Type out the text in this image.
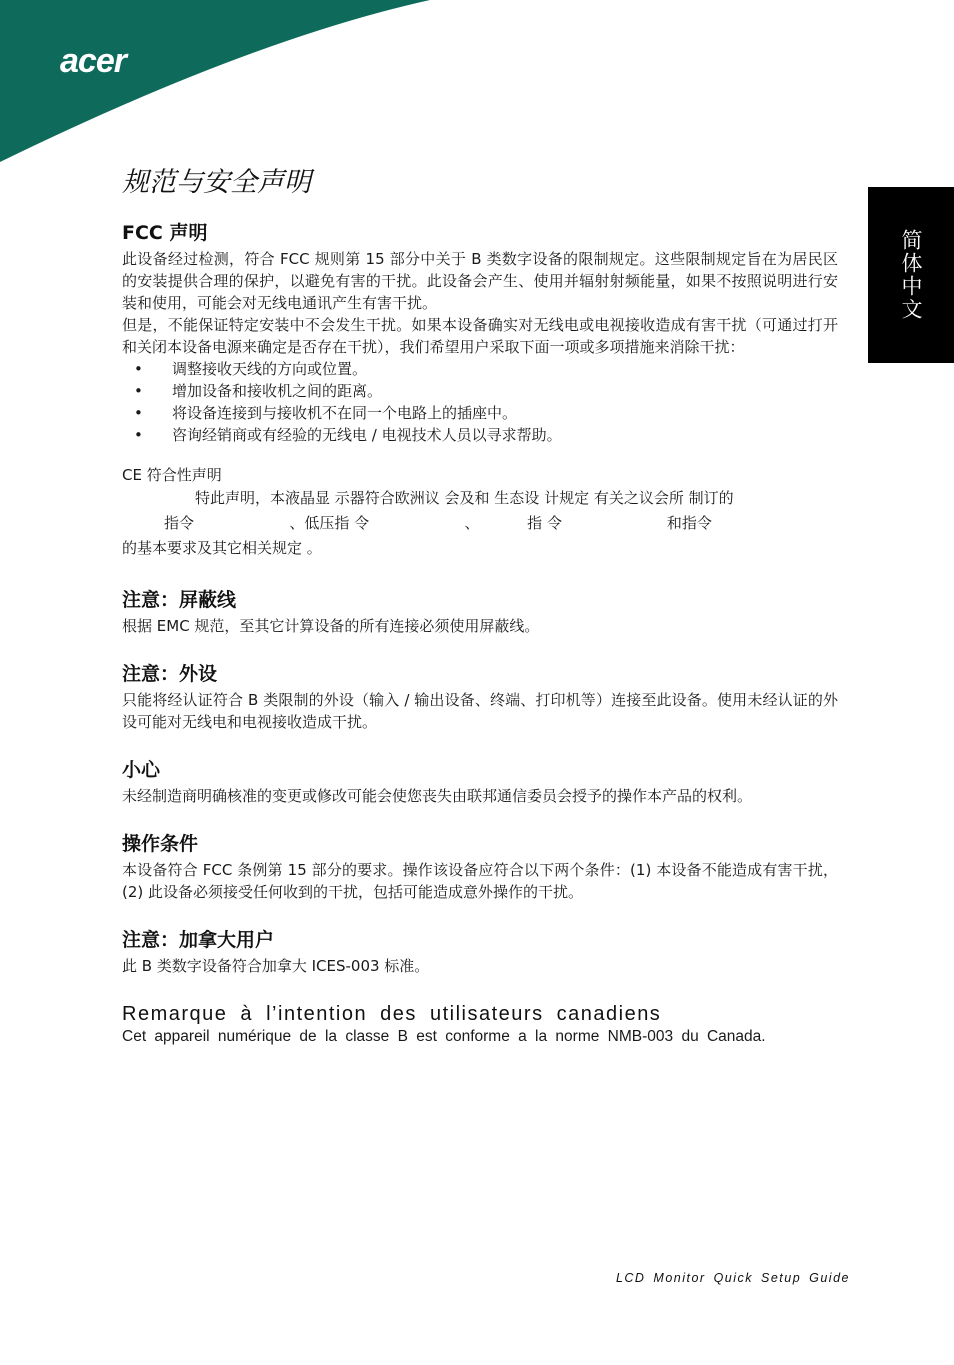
acer
简体中文
规范与安全声明
FCC 声明

此设备经过检测，符合 FCC 规则第 15 部分中关于 B 类数字设备的限制规定。这些限制规定旨在为居民区的安装提供合理的保护，以避免有害的干扰。此设备会产生、使用并辐射射频能量，如果不按照说明进行安装和使用，可能会对无线电通讯产生有害干扰。

但是，不能保证特定安装中不会发生干扰。如果本设备确实对无线电或电视接收造成有害干扰（可通过打开和关闭本设备电源来确定是否存在干扰），我们希望用户采取下面一项或多项措施来消除干扰：

• 调整接收天线的方向或位置。
• 增加设备和接收机之间的距离。
• 将设备连接到与接收机不在同一个电路上的插座中。
• 咨询经销商或有经验的无线电 / 电视技术人员以寻求帮助。
CE 符合性声明
特此声明，本液晶显 示器符合欧洲议 会及和 生态设 计规定 有关之议会所 制订的
指令                    、低压指 令                    、          指 令                      和指令
的基本要求及其它相关规定 。
注意：屏蔽线

根据 EMC 规范，至其它计算设备的所有连接必须使用屏蔽线。

注意：外设

只能将经认证符合 B 类限制的外设（输入 / 输出设备、终端、打印机等）连接至此设备。使用未经认证的外设可能对无线电和电视接收造成干扰。

小心

未经制造商明确核准的变更或修改可能会使您丧失由联邦通信委员会授予的操作本产品的权利。

操作条件

本设备符合 FCC 条例第 15 部分的要求。操作该设备应符合以下两个条件：(1) 本设备不能造成有害干扰，(2) 此设备必须接受任何收到的干扰，包括可能造成意外操作的干扰。

注意：加拿大用户

此 B 类数字设备符合加拿大 ICES-003 标准。

Remarque à l’intention des utilisateurs canadiens

Cet appareil numérique de la classe B est conforme a la norme NMB-003 du Canada.

LCD Monitor Quick Setup Guide
